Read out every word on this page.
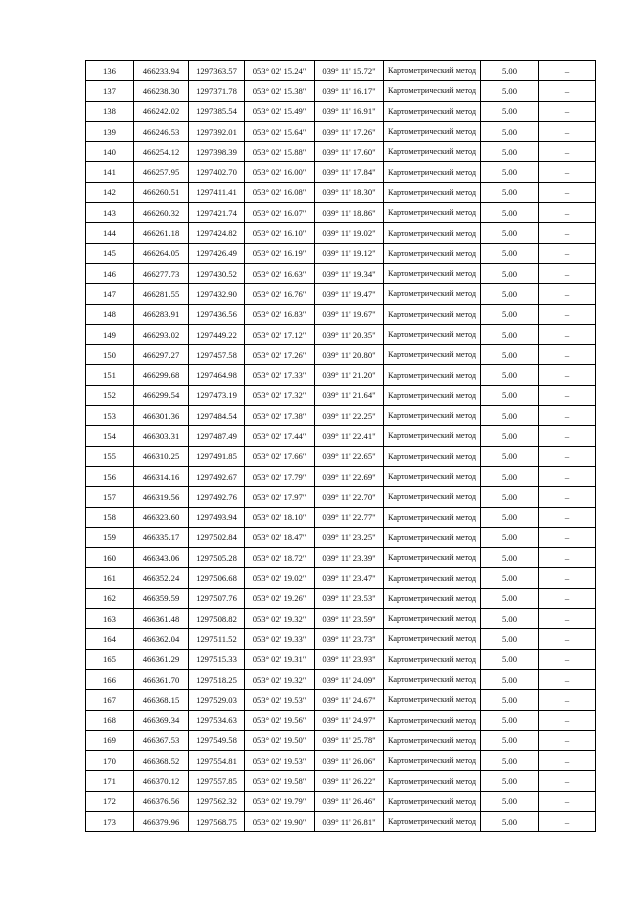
136	466233.94	1297363.57	053° 02' 15.24"	039° 11' 15.72"	Картометрический метод	5.00	–
137	466238.30	1297371.78	053° 02' 15.38"	039° 11' 16.17"	Картометрический метод	5.00	–
138	466242.02	1297385.54	053° 02' 15.49"	039° 11' 16.91"	Картометрический метод	5.00	–
139	466246.53	1297392.01	053° 02' 15.64"	039° 11' 17.26"	Картометрический метод	5.00	–
140	466254.12	1297398.39	053° 02' 15.88"	039° 11' 17.60"	Картометрический метод	5.00	–
141	466257.95	1297402.70	053° 02' 16.00"	039° 11' 17.84"	Картометрический метод	5.00	–
142	466260.51	1297411.41	053° 02' 16.08"	039° 11' 18.30"	Картометрический метод	5.00	–
143	466260.32	1297421.74	053° 02' 16.07"	039° 11' 18.86"	Картометрический метод	5.00	–
144	466261.18	1297424.82	053° 02' 16.10"	039° 11' 19.02"	Картометрический метод	5.00	–
145	466264.05	1297426.49	053° 02' 16.19"	039° 11' 19.12"	Картометрический метод	5.00	–
146	466277.73	1297430.52	053° 02' 16.63"	039° 11' 19.34"	Картометрический метод	5.00	–
147	466281.55	1297432.90	053° 02' 16.76"	039° 11' 19.47"	Картометрический метод	5.00	–
148	466283.91	1297436.56	053° 02' 16.83"	039° 11' 19.67"	Картометрический метод	5.00	–
149	466293.02	1297449.22	053° 02' 17.12"	039° 11' 20.35"	Картометрический метод	5.00	–
150	466297.27	1297457.58	053° 02' 17.26"	039° 11' 20.80"	Картометрический метод	5.00	–
151	466299.68	1297464.98	053° 02' 17.33"	039° 11' 21.20"	Картометрический метод	5.00	–
152	466299.54	1297473.19	053° 02' 17.32"	039° 11' 21.64"	Картометрический метод	5.00	–
153	466301.36	1297484.54	053° 02' 17.38"	039° 11' 22.25"	Картометрический метод	5.00	–
154	466303.31	1297487.49	053° 02' 17.44"	039° 11' 22.41"	Картометрический метод	5.00	–
155	466310.25	1297491.85	053° 02' 17.66"	039° 11' 22.65"	Картометрический метод	5.00	–
156	466314.16	1297492.67	053° 02' 17.79"	039° 11' 22.69"	Картометрический метод	5.00	–
157	466319.56	1297492.76	053° 02' 17.97"	039° 11' 22.70"	Картометрический метод	5.00	–
158	466323.60	1297493.94	053° 02' 18.10"	039° 11' 22.77"	Картометрический метод	5.00	–
159	466335.17	1297502.84	053° 02' 18.47"	039° 11' 23.25"	Картометрический метод	5.00	–
160	466343.06	1297505.28	053° 02' 18.72"	039° 11' 23.39"	Картометрический метод	5.00	–
161	466352.24	1297506.68	053° 02' 19.02"	039° 11' 23.47"	Картометрический метод	5.00	–
162	466359.59	1297507.76	053° 02' 19.26"	039° 11' 23.53"	Картометрический метод	5.00	–
163	466361.48	1297508.82	053° 02' 19.32"	039° 11' 23.59"	Картометрический метод	5.00	–
164	466362.04	1297511.52	053° 02' 19.33"	039° 11' 23.73"	Картометрический метод	5.00	–
165	466361.29	1297515.33	053° 02' 19.31"	039° 11' 23.93"	Картометрический метод	5.00	–
166	466361.70	1297518.25	053° 02' 19.32"	039° 11' 24.09"	Картометрический метод	5.00	–
167	466368.15	1297529.03	053° 02' 19.53"	039° 11' 24.67"	Картометрический метод	5.00	–
168	466369.34	1297534.63	053° 02' 19.56"	039° 11' 24.97"	Картометрический метод	5.00	–
169	466367.53	1297549.58	053° 02' 19.50"	039° 11' 25.78"	Картометрический метод	5.00	–
170	466368.52	1297554.81	053° 02' 19.53"	039° 11' 26.06"	Картометрический метод	5.00	–
171	466370.12	1297557.85	053° 02' 19.58"	039° 11' 26.22"	Картометрический метод	5.00	–
172	466376.56	1297562.32	053° 02' 19.79"	039° 11' 26.46"	Картометрический метод	5.00	–
173	466379.96	1297568.75	053° 02' 19.90"	039° 11' 26.81"	Картометрический метод	5.00	–
